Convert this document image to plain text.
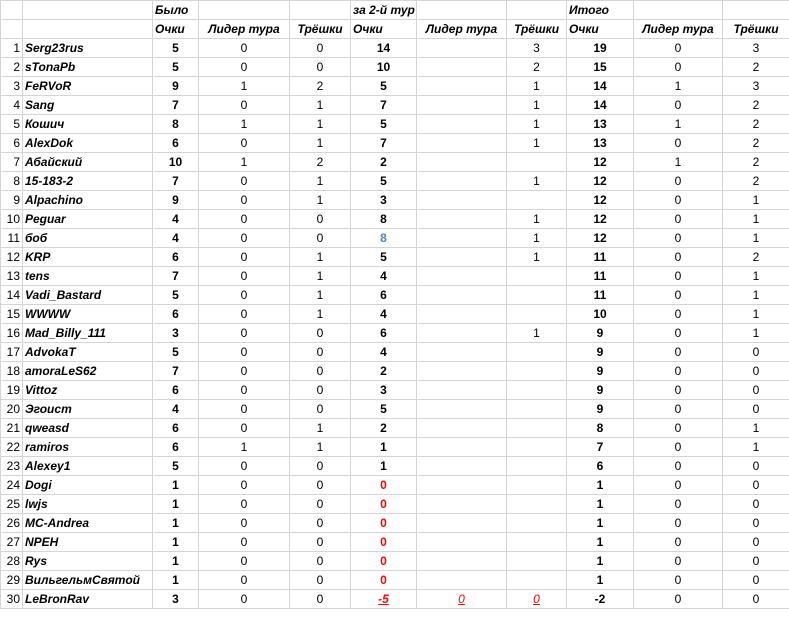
		Было			за 2-й тур			Итого		
		Очки	Лидер тура	Трёшки	Очки	Лидер тура	Трёшки	Очки	Лидер тура	Трёшки
1	Serg23rus	5	0	0	14		3	19	0	3
2	sTonaPb	5	0	0	10		2	15	0	2
3	FeRVoR	9	1	2	5		1	14	1	3
4	Sang	7	0	1	7		1	14	0	2
5	Кошич	8	1	1	5		1	13	1	2
6	AlexDok	6	0	1	7		1	13	0	2
7	Абайский	10	1	2	2			12	1	2
8	15-183-2	7	0	1	5		1	12	0	2
9	Alpachino	9	0	1	3			12	0	1
10	Peguar	4	0	0	8		1	12	0	1
11	боб	4	0	0	8		1	12	0	1
12	KRP	6	0	1	5		1	11	0	2
13	tens	7	0	1	4			11	0	1
14	Vadi_Bastard	5	0	1	6			11	0	1
15	WWWW	6	0	1	4			10	0	1
16	Mad_Billy_111	3	0	0	6		1	9	0	1
17	AdvokaT	5	0	0	4			9	0	0
18	amoraLeS62	7	0	0	2			9	0	0
19	Vittoz	6	0	0	3			9	0	0
20	Эгоист	4	0	0	5			9	0	0
21	qweasd	6	0	1	2			8	0	1
22	ramiros	6	1	1	1			7	0	1
23	Alexey1	5	0	0	1			6	0	0
24	Dogi	1	0	0	0			1	0	0
25	lwjs	1	0	0	0			1	0	0
26	MC-Andrea	1	0	0	0			1	0	0
27	NPEH	1	0	0	0			1	0	0
28	Rys	1	0	0	0			1	0	0
29	ВильгельмСвятой	1	0	0	0			1	0	0
30	LeBronRav	3	0	0	-5	0	0	-2	0	0
